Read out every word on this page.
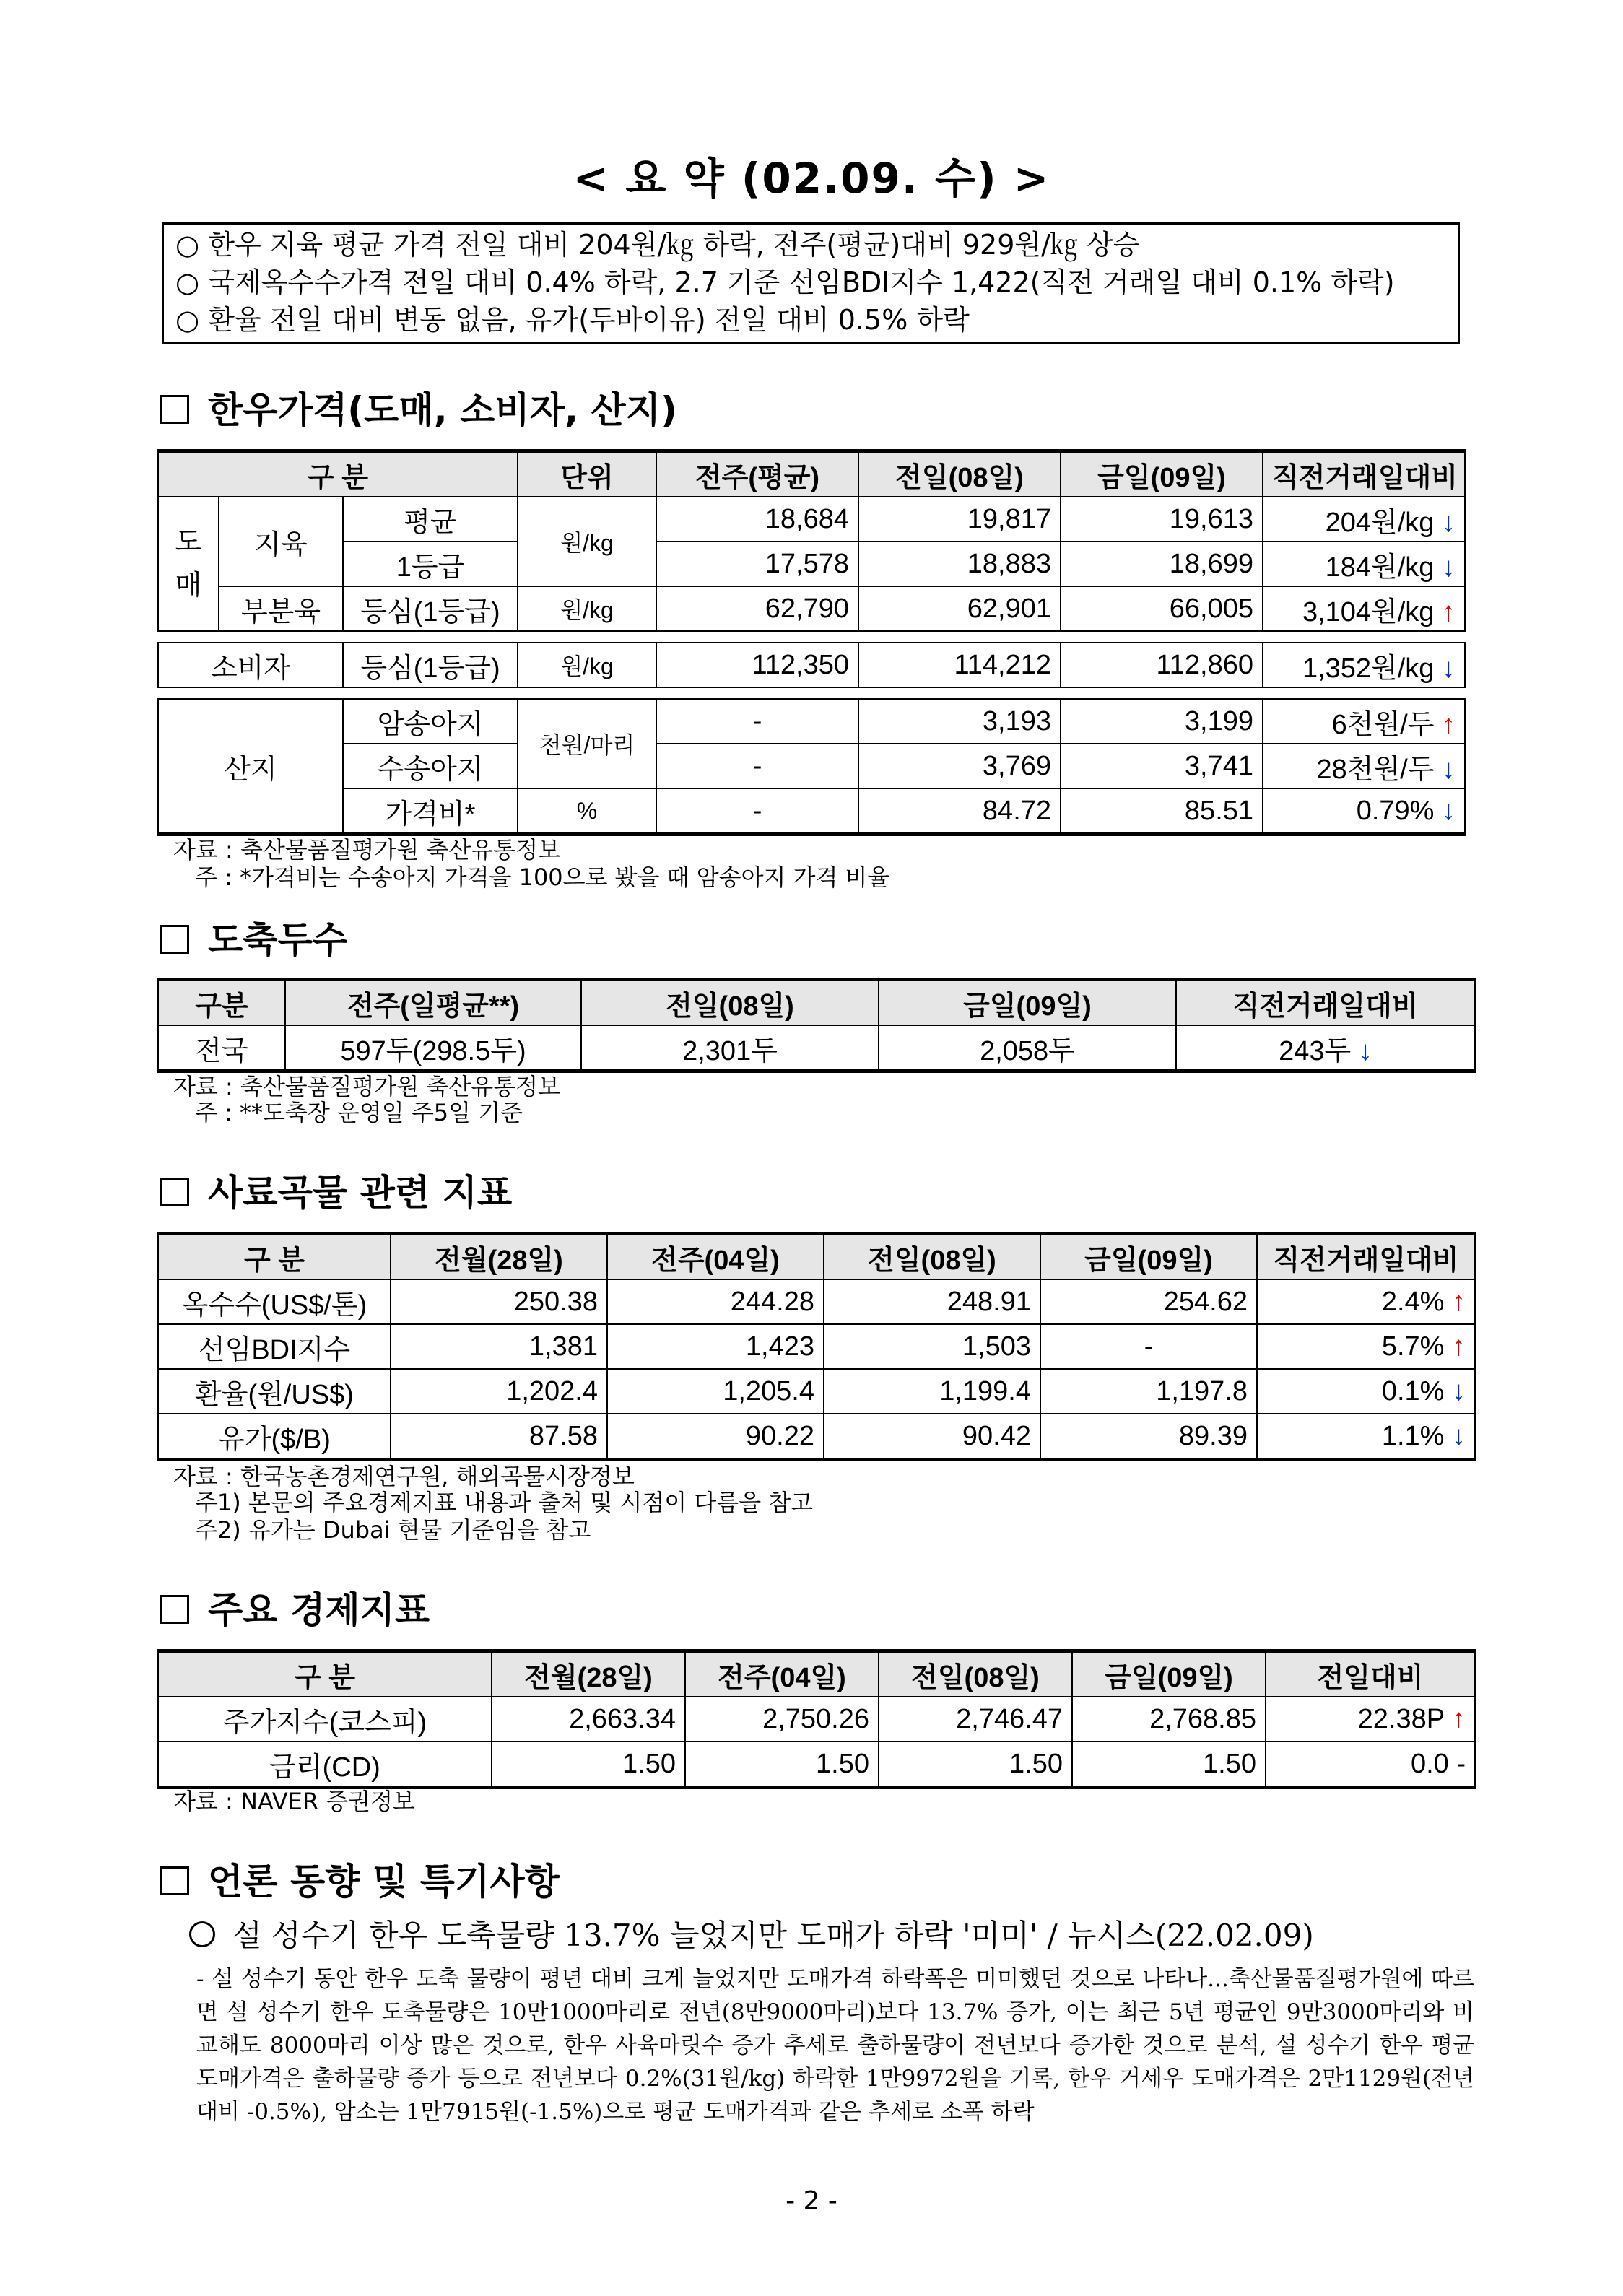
< 요 약 (02.09. 수) >
○ 한우 지육 평균 가격 전일 대비 204원/㎏ 하락, 전주(평균)대비 929원/㎏ 상승
○ 국제옥수수가격 전일 대비 0.4% 하락, 2.7 기준 선임BDI지수 1,422(직전 거래일 대비 0.1% 하락)
○ 환율 전일 대비 변동 없음, 유가(두바이유) 전일 대비 0.5% 하락
한우가격(도매, 소비자, 산지)
구 분			단위	전주(평균)	전일(08일)	금일(09일)	직전거래일대비
도매	지육	평균	원/kg	18,684	19,817	19,613	204원/kg ↓
		1등급		17,578	18,883	18,699	184원/kg ↓
	부분육	등심(1등급)	원/kg	62,790	62,901	66,005	3,104원/kg ↑

소비자		등심(1등급)	원/kg	112,350	114,212	112,860	1,352원/kg ↓

산지		암송아지	천원/마리	-	3,193	3,199	6천원/두 ↑
		수송아지		-	3,769	3,741	28천원/두 ↓
		가격비*	%	-	84.72	85.51	0.79% ↓
자료 : 축산물품질평가원 축산유통정보
주 : *가격비는 수송아지 가격을 100으로 봤을 때 암송아지 가격 비율
도축두수
구분	전주(일평균**)	전일(08일)	금일(09일)	직전거래일대비
전국	597두(298.5두)	2,301두	2,058두	243두 ↓
자료 : 축산물품질평가원 축산유통정보
주 : **도축장 운영일 주5일 기준
사료곡물 관련 지표
구 분	전월(28일)	전주(04일)	전일(08일)	금일(09일)	직전거래일대비
옥수수(US$/톤)	250.38	244.28	248.91	254.62	2.4% ↑
선임BDI지수	1,381	1,423	1,503	-	5.7% ↑
환율(원/US$)	1,202.4	1,205.4	1,199.4	1,197.8	0.1% ↓
유가($/B)	87.58	90.22	90.42	89.39	1.1% ↓
자료 : 한국농촌경제연구원, 해외곡물시장정보
주1) 본문의 주요경제지표 내용과 출처 및 시점이 다름을 참고
주2) 유가는 Dubai 현물 기준임을 참고
주요 경제지표
구 분	전월(28일)	전주(04일)	전일(08일)	금일(09일)	전일대비
주가지수(코스피)	2,663.34	2,750.26	2,746.47	2,768.85	22.38P ↑
금리(CD)	1.50	1.50	1.50	1.50	0.0 -
자료 : NAVER 증권정보
언론 동향 및 특기사항
설 성수기 한우 도축물량 13.7% 늘었지만 도매가 하락 '미미' / 뉴시스(22.02.09)
- 설 성수기 동안 한우 도축 물량이 평년 대비 크게 늘었지만 도매가격 하락폭은 미미했던 것으로 나타나...축산물품질평가원에 따르면 설 성수기 한우 도축물량은 10만1000마리로 전년(8만9000마리)보다 13.7% 증가, 이는 최근 5년 평균인 9만3000마리와 비교해도 8000마리 이상 많은 것으로, 한우 사육마릿수 증가 추세로 출하물량이 전년보다 증가한 것으로 분석, 설 성수기 한우 평균 도매가격은 출하물량 증가 등으로 전년보다 0.2%(31원/kg) 하락한 1만9972원을 기록, 한우 거세우 도매가격은 2만1129원(전년대비 -0.5%), 암소는 1만7915원(-1.5%)으로 평균 도매가격과 같은 추세로 소폭 하락
- 2 -
